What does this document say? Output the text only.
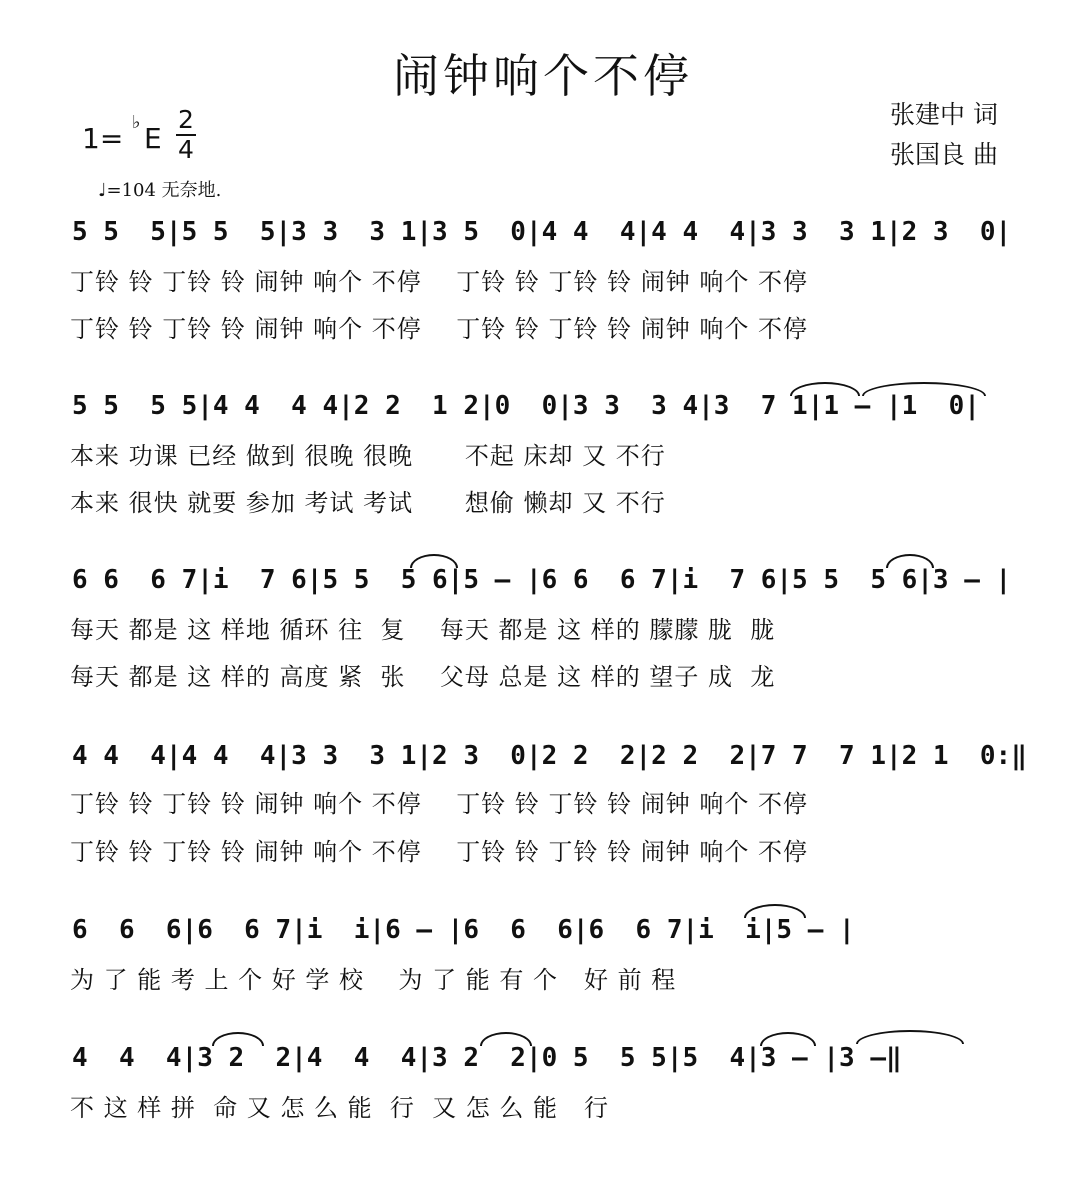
闹钟响个不停
张建中 词
张国良 曲
1= ♭ E $\frac{2}{4}$
♩=104 无奈地.
5 5  5|5 5  5|3 3  3 1|3 5  0|4 4  4|4 4  4|3 3  3 1|2 3  0|
丁铃 铃 丁铃 铃 闹钟 响个 不停    丁铃 铃 丁铃 铃 闹钟 响个 不停
丁铃 铃 丁铃 铃 闹钟 响个 不停    丁铃 铃 丁铃 铃 闹钟 响个 不停
5 5  5 5|4 4  4 4|2 2  1 2|0  0|3 3  3 4|3  7 1|1 — |1  0|
本来 功课 已经 做到 很晚 很晚      不起 床却 又 不行
本来 很快 就要 参加 考试 考试      想偷 懒却 又 不行
6 6  6 7|i  7 6|5 5  5 6|5 — |6 6  6 7|i  7 6|5 5  5 6|3 — |
每天 都是 这 样地 循环 往  复    每天 都是 这 样的 朦朦 胧  胧
每天 都是 这 样的 高度 紧  张    父母 总是 这 样的 望子 成  龙
4 4  4|4 4  4|3 3  3 1|2 3  0|2 2  2|2 2  2|7 7  7 1|2 1  0:‖
丁铃 铃 丁铃 铃 闹钟 响个 不停    丁铃 铃 丁铃 铃 闹钟 响个 不停
丁铃 铃 丁铃 铃 闹钟 响个 不停    丁铃 铃 丁铃 铃 闹钟 响个 不停
6  6  6|6  6 7|i  i|6 — |6  6  6|6  6 7|i  i|5 — |
为 了 能 考 上 个 好 学 校    为 了 能 有 个   好 前 程
4  4  4|3 2  2|4  4  4|3 2  2|0 5  5 5|5  4|3 — |3 —‖
不 这 样 拼  命 又 怎 么 能  行  又 怎 么 能   行
